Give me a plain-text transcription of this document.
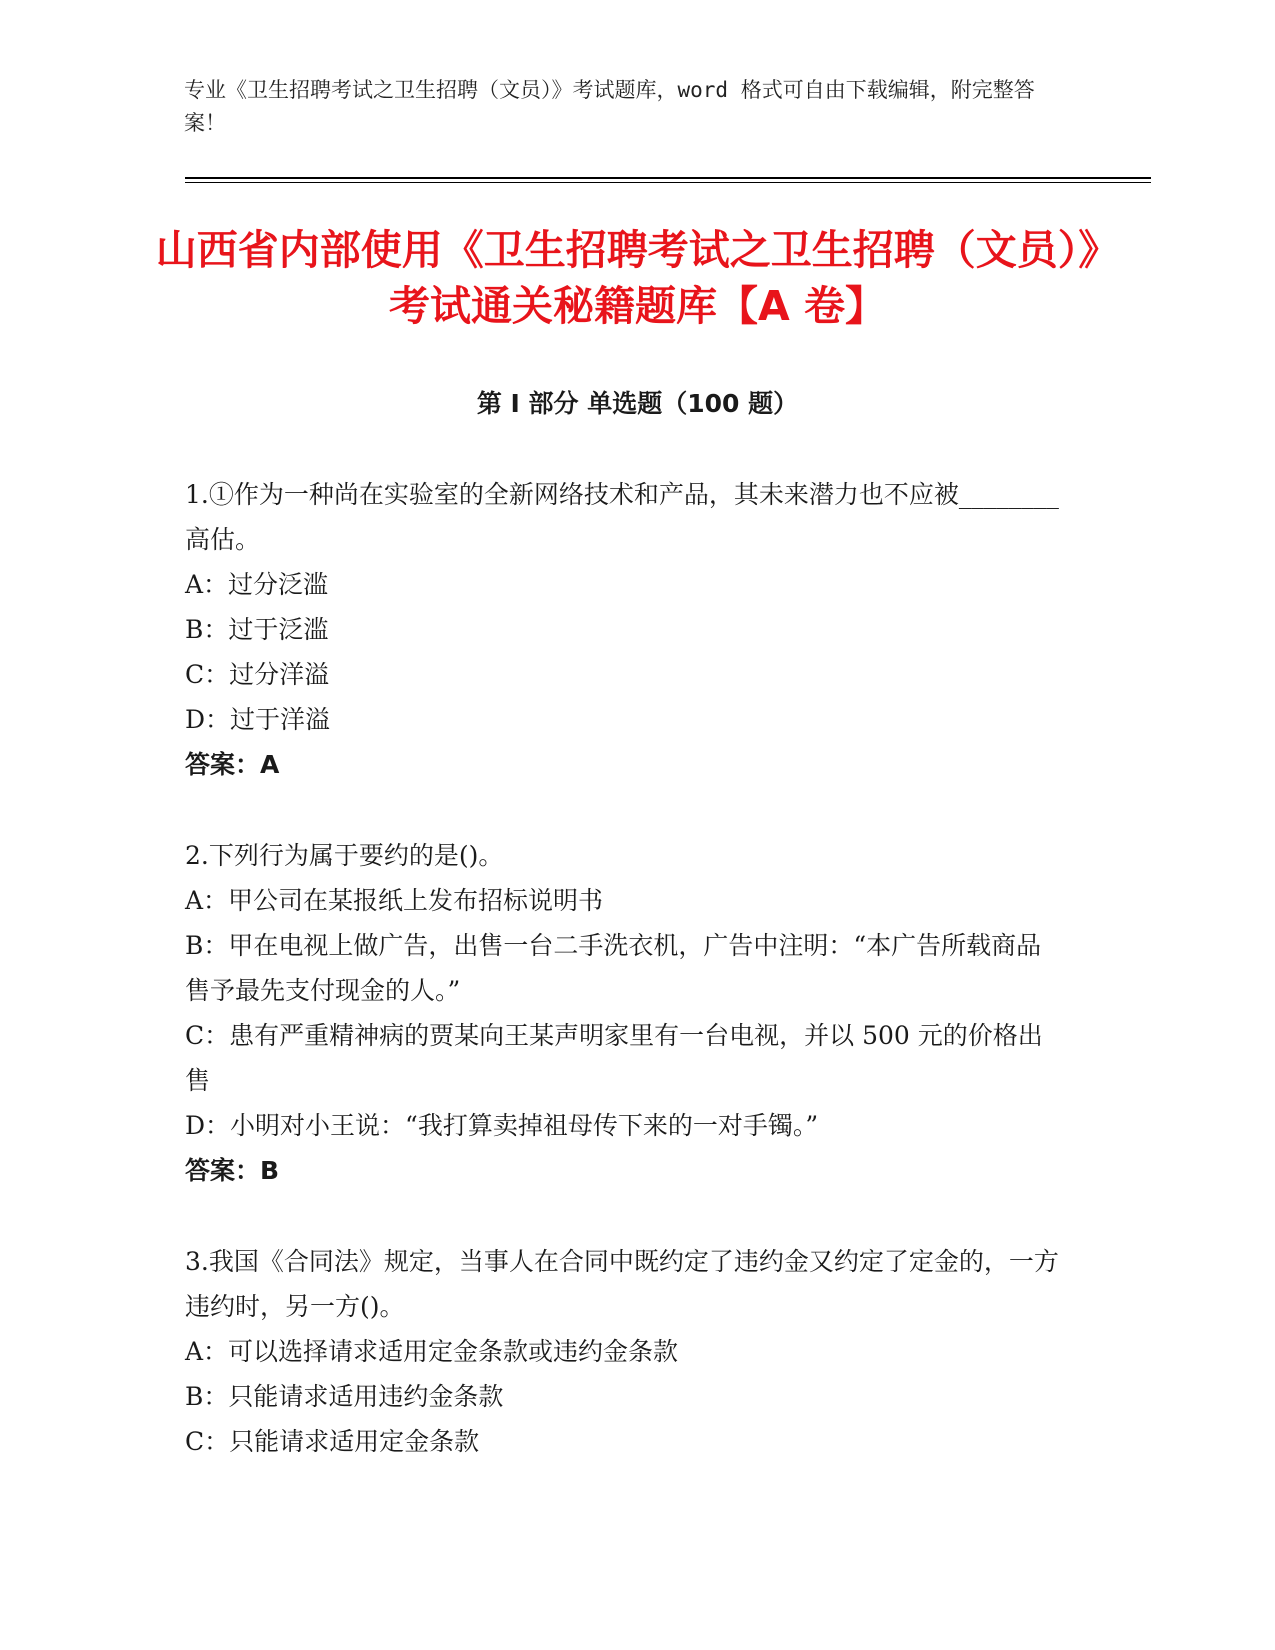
专业《卫生招聘考试之卫生招聘（文员）》考试题库，word 格式可自由下载编辑，附完整答案！
山西省内部使用《卫生招聘考试之卫生招聘（文员）》考试通关秘籍题库【A 卷】
第 I 部分 单选题（100 题）

1.①作为一种尚在实验室的全新网络技术和产品，其未来潜力也不应被________高估。

A：过分泛滥

B：过于泛滥

C：过分洋溢

D：过于洋溢

答案：A

2.下列行为属于要约的是()。

A：甲公司在某报纸上发布招标说明书

B：甲在电视上做广告，出售一台二手洗衣机，广告中注明：“本广告所载商品售予最先支付现金的人。”

C：患有严重精神病的贾某向王某声明家里有一台电视，并以 500 元的价格出售

D：小明对小王说：“我打算卖掉祖母传下来的一对手镯。”

答案：B

3.我国《合同法》规定，当事人在合同中既约定了违约金又约定了定金的，一方违约时，另一方()。

A：可以选择请求适用定金条款或违约金条款

B：只能请求适用违约金条款

C：只能请求适用定金条款
